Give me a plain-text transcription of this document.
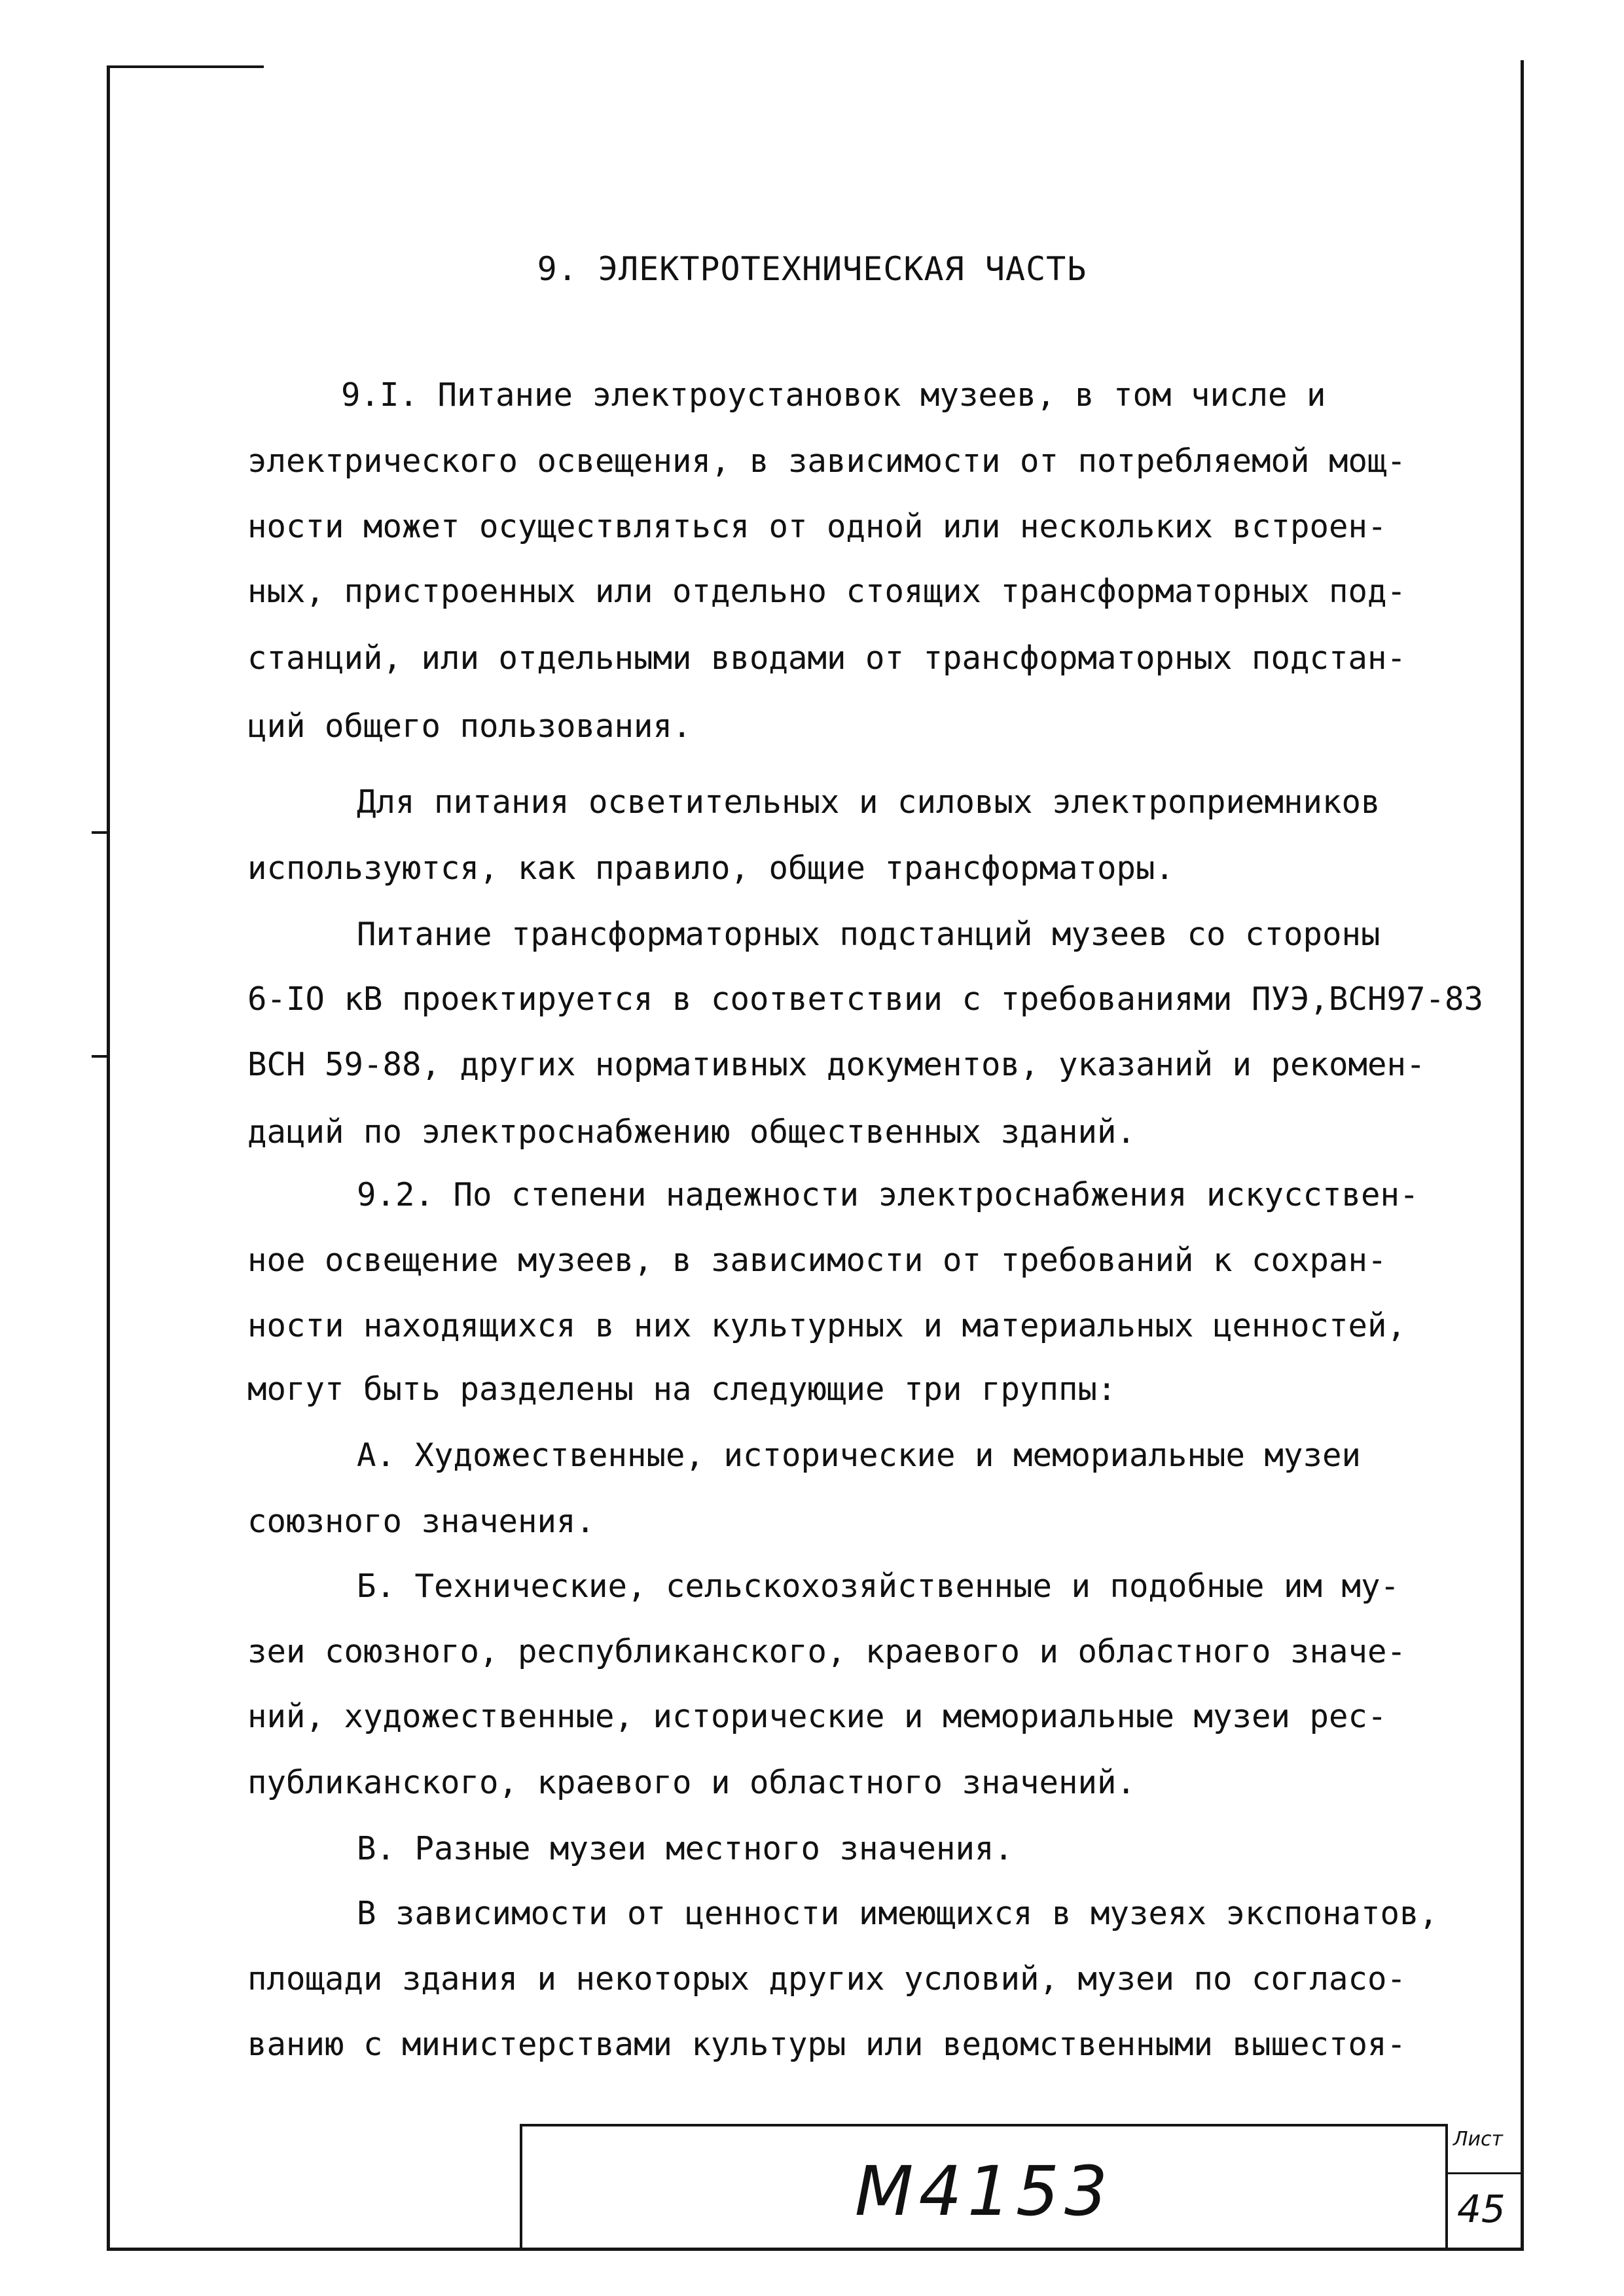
9. ЭЛЕКТРОТЕХНИЧЕСКАЯ ЧАСТЬ
9.I. Питание электроустановок музеев, в том числе и
электрического освещения, в зависимости от потребляемой мощ-
ности может осуществляться от одной или нескольких встроен-
ных, пристроенных или отдельно стоящих трансформаторных под-
станций, или отдельными вводами от трансформаторных подстан-
ций общего пользования.
Для питания осветительных и силовых электроприемников
используются, как правило, общие трансформаторы.
Питание трансформаторных подстанций музеев со стороны
6-IO кВ проектируется в соответствии с требованиями ПУЭ,ВСН97-83
ВСН 59-88, других нормативных документов, указаний и рекомен-
даций по электроснабжению общественных зданий.
9.2. По степени надежности электроснабжения искусствен-
ное освещение музеев, в зависимости от требований к сохран-
ности находящихся в них культурных и материальных ценностей,
могут быть разделены на следующие три группы:
А. Художественные, исторические и мемориальные музеи
союзного значения.
Б. Технические, сельскохозяйственные и подобные им му-
зеи союзного, республиканского, краевого и областного значе-
ний, художественные, исторические и мемориальные музеи рес-
публиканского, краевого и областного значений.
В. Разные музеи местного значения.
В зависимости от ценности имеющихся в музеях экспонатов,
площади здания и некоторых других условий, музеи по согласо-
ванию с министерствами культуры или ведомственными вышестоя-
М4153
Лист
45
